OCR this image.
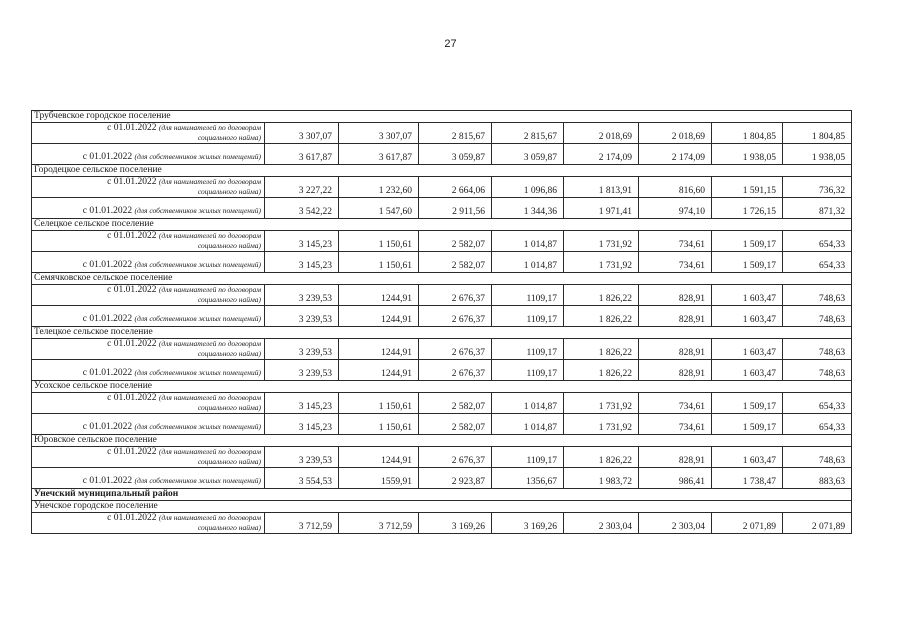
27
Трубчевское городское поселение								

с 01.01.2022 (для нанимателей по договорам
социального найма)	3 307,07	3 307,07	2 815,67	2 815,67	2 018,69	2 018,69	1 804,85	1 804,85

с 01.01.2022 (для собственников жилых помещений)	3 617,87	3 617,87	3 059,87	3 059,87	2 174,09	2 174,09	1 938,05	1 938,05
Городецкое сельское поселение								

с 01.01.2022 (для нанимателей по договорам
социального найма)	3 227,22	1 232,60	2 664,06	1 096,86	1 813,91	816,60	1 591,15	736,32

с 01.01.2022 (для собственников жилых помещений)	3 542,22	1 547,60	2 911,56	1 344,36	1 971,41	974,10	1 726,15	871,32
Селецкое сельское поселение								

с 01.01.2022 (для нанимателей по договорам
социального найма)	3 145,23	1 150,61	2 582,07	1 014,87	1 731,92	734,61	1 509,17	654,33

с 01.01.2022 (для собственников жилых помещений)	3 145,23	1 150,61	2 582,07	1 014,87	1 731,92	734,61	1 509,17	654,33
Семячковское сельское поселение								

с 01.01.2022 (для нанимателей по договорам
социального найма)	3 239,53	1244,91	2 676,37	1109,17	1 826,22	828,91	1 603,47	748,63

с 01.01.2022 (для собственников жилых помещений)	3 239,53	1244,91	2 676,37	1109,17	1 826,22	828,91	1 603,47	748,63
Телецкое сельское поселение								

с 01.01.2022 (для нанимателей по договорам
социального найма)	3 239,53	1244,91	2 676,37	1109,17	1 826,22	828,91	1 603,47	748,63

с 01.01.2022 (для собственников жилых помещений)	3 239,53	1244,91	2 676,37	1109,17	1 826,22	828,91	1 603,47	748,63
Усохское сельское поселение								

с 01.01.2022 (для нанимателей по договорам
социального найма)	3 145,23	1 150,61	2 582,07	1 014,87	1 731,92	734,61	1 509,17	654,33

с 01.01.2022 (для собственников жилых помещений)	3 145,23	1 150,61	2 582,07	1 014,87	1 731,92	734,61	1 509,17	654,33
Юровское сельское поселение								

с 01.01.2022 (для нанимателей по договорам
социального найма)	3 239,53	1244,91	2 676,37	1109,17	1 826,22	828,91	1 603,47	748,63

с 01.01.2022 (для собственников жилых помещений)	3 554,53	1559,91	2 923,87	1356,67	1 983,72	986,41	1 738,47	883,63
Унечский муниципальный район								
Унечское городское поселение								

с 01.01.2022 (для нанимателей по договорам
социального найма)	3 712,59	3 712,59	3 169,26	3 169,26	2 303,04	2 303,04	2 071,89	2 071,89
